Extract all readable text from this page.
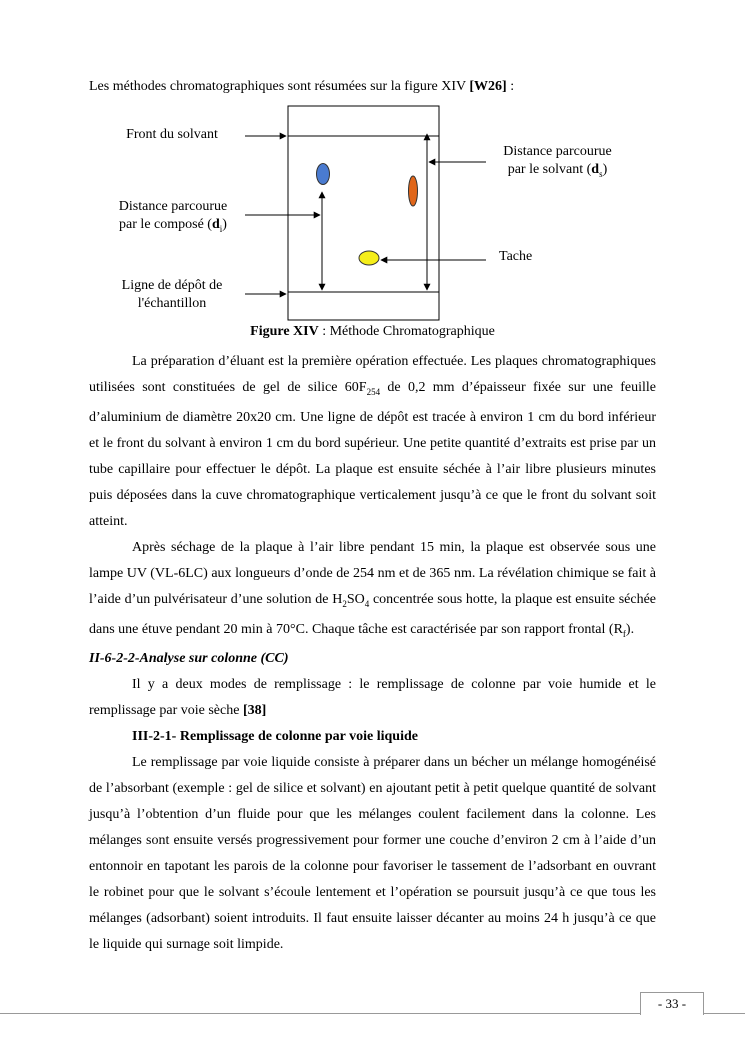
Les méthodes chromatographiques sont résumées sur la figure XIV [W26] :
Front du solvant
Distance parcourue
par le solvant $(d_s)$
Distance parcourue
par le composé $(d_i)$
Tache
Ligne de dépôt de
l'échantillon
Figure XIV : Méthode Chromatographique

La préparation d’éluant est la première opération effectuée. Les plaques chromatographiques utilisées sont constituées de gel de silice $60F_{254}$ de 0,2 mm d’épaisseur fixée sur une feuille d’aluminium de diamètre 20x20 cm. Une ligne de dépôt est tracée à environ 1 cm du bord inférieur et le front du solvant à environ 1 cm du bord supérieur. Une petite quantité d’extraits est prise par un tube capillaire pour effectuer le dépôt. La plaque est ensuite séchée à l’air libre plusieurs minutes puis déposées dans la cuve chromatographique verticalement jusqu’à ce que le front du solvant soit atteint.

Après séchage de la plaque à l’air libre pendant 15 min, la plaque est observée sous une lampe UV (VL-6LC) aux longueurs d’onde de 254 nm et de 365 nm. La révélation chimique se fait à l’aide d’un pulvérisateur d’une solution de $H_2SO_4$ concentrée sous hotte, la plaque est ensuite séchée dans une étuve pendant 20 min à 70°C. Chaque tâche est caractérisée par son rapport frontal $(R_f)$.

II-6-2-2-Analyse sur colonne (CC)

Il y a deux modes de remplissage : le remplissage de colonne par voie humide et le remplissage par voie sèche [38]

III-2-1- Remplissage de colonne par voie liquide

Le remplissage par voie liquide consiste à préparer dans un bécher un mélange homogénéisé de l’absorbant (exemple : gel de silice et solvant) en ajoutant petit à petit quelque quantité de solvant jusqu’à l’obtention d’un fluide pour que les mélanges coulent facilement dans la colonne. Les mélanges sont ensuite versés progressivement pour former une couche d’environ 2 cm à l’aide d’un entonnoir en tapotant les parois de la colonne pour favoriser le tassement de l’adsorbant en ouvrant le robinet pour que le solvant s’écoule lentement et l’opération se poursuit jusqu’à ce que tous les mélanges (adsorbant) soient introduits. Il faut ensuite laisser décanter au moins 24 h jusqu’à ce que le liquide qui surnage soit limpide.

- 33 -
